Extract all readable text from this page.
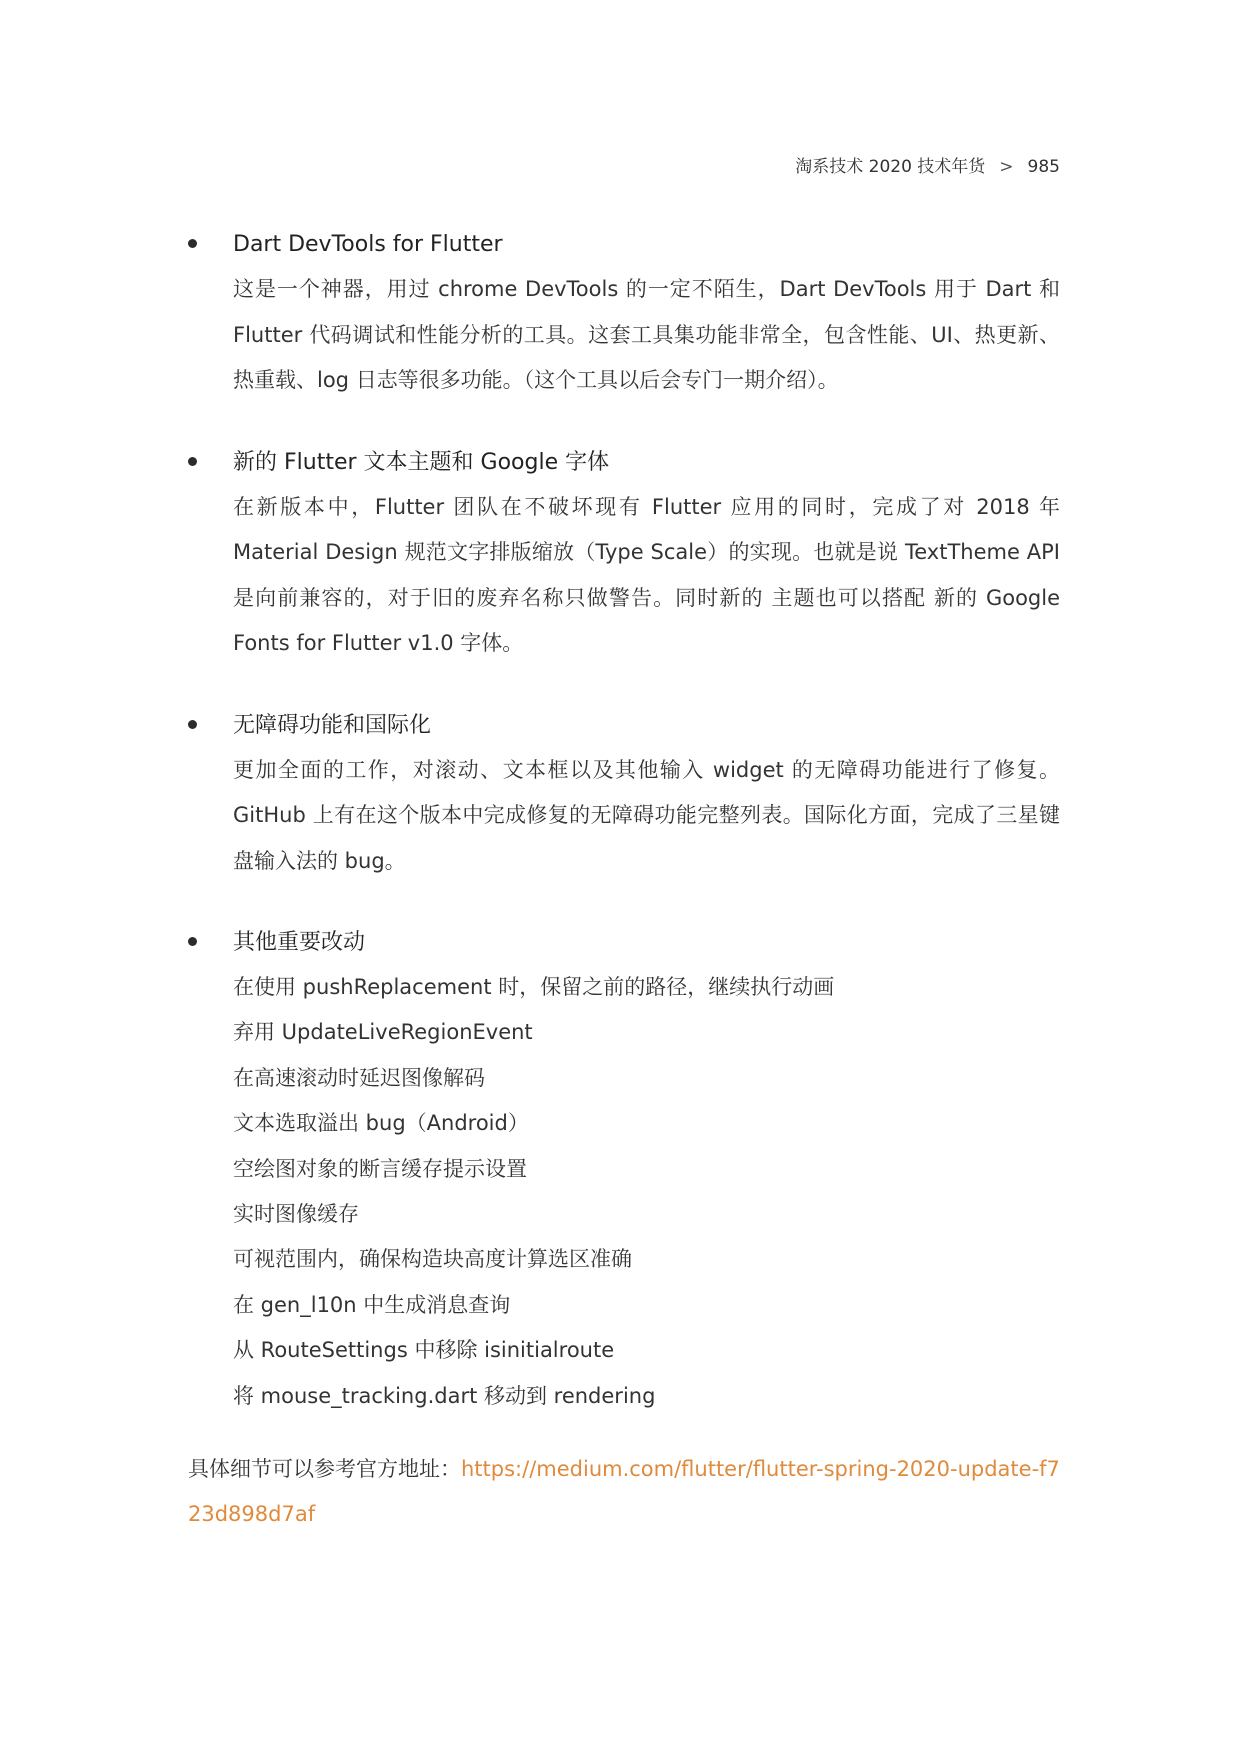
淘系技术 2020 技术年货 > 985
Dart DevTools for Flutter
这是一个神器，用过 chrome DevTools 的一定不陌生，Dart DevTools 用于 Dart 和 Flutter 代码调试和性能分析的工具。这套工具集功能非常全，包含性能、UI、热更新、热重载、log 日志等很多功能。（这个工具以后会专门一期介绍）。
新的 Flutter 文本主题和 Google 字体
在新版本中，Flutter 团队在不破坏现有 Flutter 应用的同时，完成了对 2018 年 Material Design 规范文字排版缩放（Type Scale）的实现。也就是说 TextTheme API 是向前兼容的，对于旧的废弃名称只做警告。同时新的 主题也可以搭配 新的 Google Fonts for Flutter v1.0 字体。
无障碍功能和国际化
更加全面的工作，对滚动、文本框以及其他输入 widget 的无障碍功能进行了修复。GitHub 上有在这个版本中完成修复的无障碍功能完整列表。国际化方面，完成了三星键盘输入法的 bug。
其他重要改动
在使用 pushReplacement 时，保留之前的路径，继续执行动画
弃用 UpdateLiveRegionEvent
在高速滚动时延迟图像解码
文本选取溢出 bug（Android）
空绘图对象的断言缓存提示设置
实时图像缓存
可视范围内，确保构造块高度计算选区准确
在 gen_l10n 中生成消息查询
从 RouteSettings 中移除 isinitialroute
将 mouse_tracking.dart 移动到 rendering
具体细节可以参考官方地址：https://medium.com/flutter/flutter-spring-2020-update-f723d898d7af
